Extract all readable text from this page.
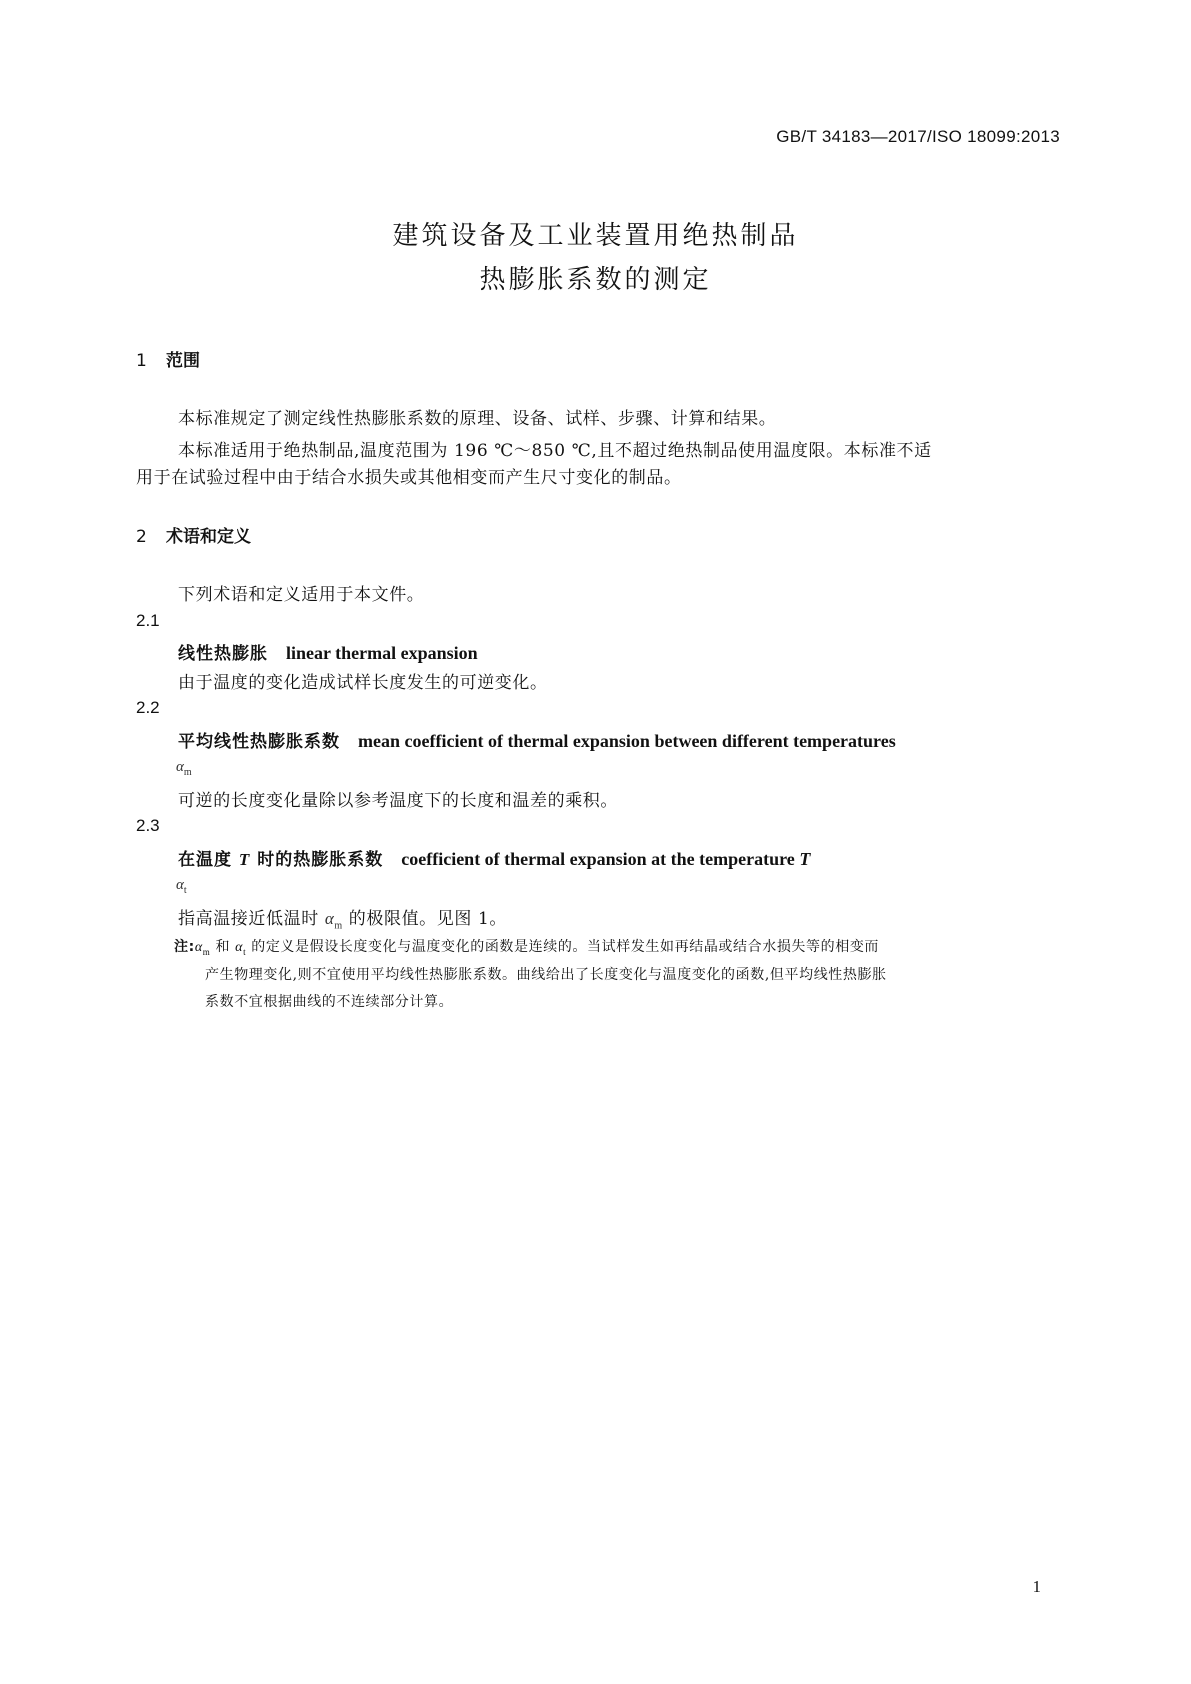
GB/T 34183—2017/ISO 18099:2013
建筑设备及工业装置用绝热制品
热膨胀系数的测定
1 范围
本标准规定了测定线性热膨胀系数的原理、设备、试样、步骤、计算和结果。
本标准适用于绝热制品,温度范围为 196 ℃～850 ℃,且不超过绝热制品使用温度限。本标准不适
用于在试验过程中由于结合水损失或其他相变而产生尺寸变化的制品。
2 术语和定义
下列术语和定义适用于本文件。
2.1
线性热膨胀 linear thermal expansion
由于温度的变化造成试样长度发生的可逆变化。
2.2
平均线性热膨胀系数 mean coefficient of thermal expansion between different temperatures
$\alpha_m$
可逆的长度变化量除以参考温度下的长度和温差的乘积。
2.3
在温度 T 时的热膨胀系数 coefficient of thermal expansion at the temperature T
$\alpha_t$
指高温接近低温时 $\alpha_m$ 的极限值。见图 1。
注$:\alpha_m$ 和 $\alpha_t$ 的定义是假设长度变化与温度变化的函数是连续的。当试样发生如再结晶或结合水损失等的相变而
产生物理变化,则不宜使用平均线性热膨胀系数。曲线给出了长度变化与温度变化的函数,但平均线性热膨胀
系数不宜根据曲线的不连续部分计算。
1
